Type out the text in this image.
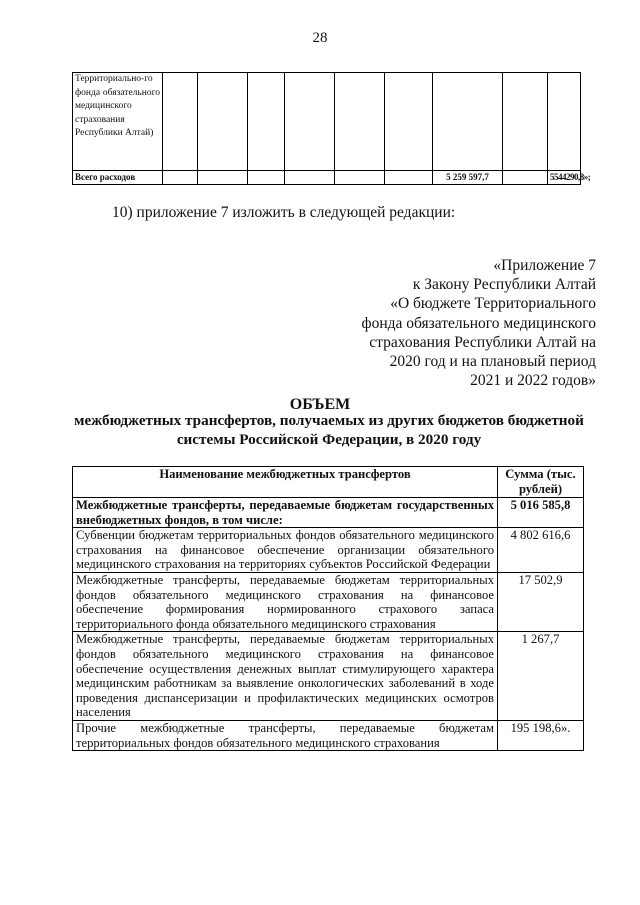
28
Территориально-го фонда обязательного медицинского страхования Республики Алтай)									
Всего расходов							5 259 597,7		5544290,8»;
10) приложение 7 изложить в следующей редакции:
«Приложение 7
к Закону Республики Алтай
«О бюджете Территориального
фонда обязательного медицинского
страхования Республики Алтай на
2020 год и на плановый период
2021 и 2022 годов»
ОБЪЕМ
межбюджетных трансфертов, получаемых из других бюджетов бюджетной системы Российской Федерации, в 2020 году
Наименование межбюджетных трансфертов	Сумма (тыс. рублей)
Межбюджетные трансферты, передаваемые бюджетам государственных внебюджетных фондов, в том числе:	5 016 585,8
Субвенции бюджетам территориальных фондов обязательного медицинского страхования на финансовое обеспечение организации обязательного медицинского страхования на территориях субъектов Российской Федерации	4 802 616,6
Межбюджетные трансферты, передаваемые бюджетам территориальных фондов обязательного медицинского страхования на финансовое обеспечение формирования нормированного страхового запаса территориального фонда обязательного медицинского страхования	17 502,9
Межбюджетные трансферты, передаваемые бюджетам территориальных фондов обязательного медицинского страхования на финансовое обеспечение осуществления денежных выплат стимулирующего характера медицинским работникам за выявление онкологических заболеваний в ходе проведения диспансеризации и профилактических медицинских осмотров населения	1 267,7
Прочие межбюджетные трансферты, передаваемые бюджетам территориальных фондов обязательного медицинского страхования	195 198,6».
